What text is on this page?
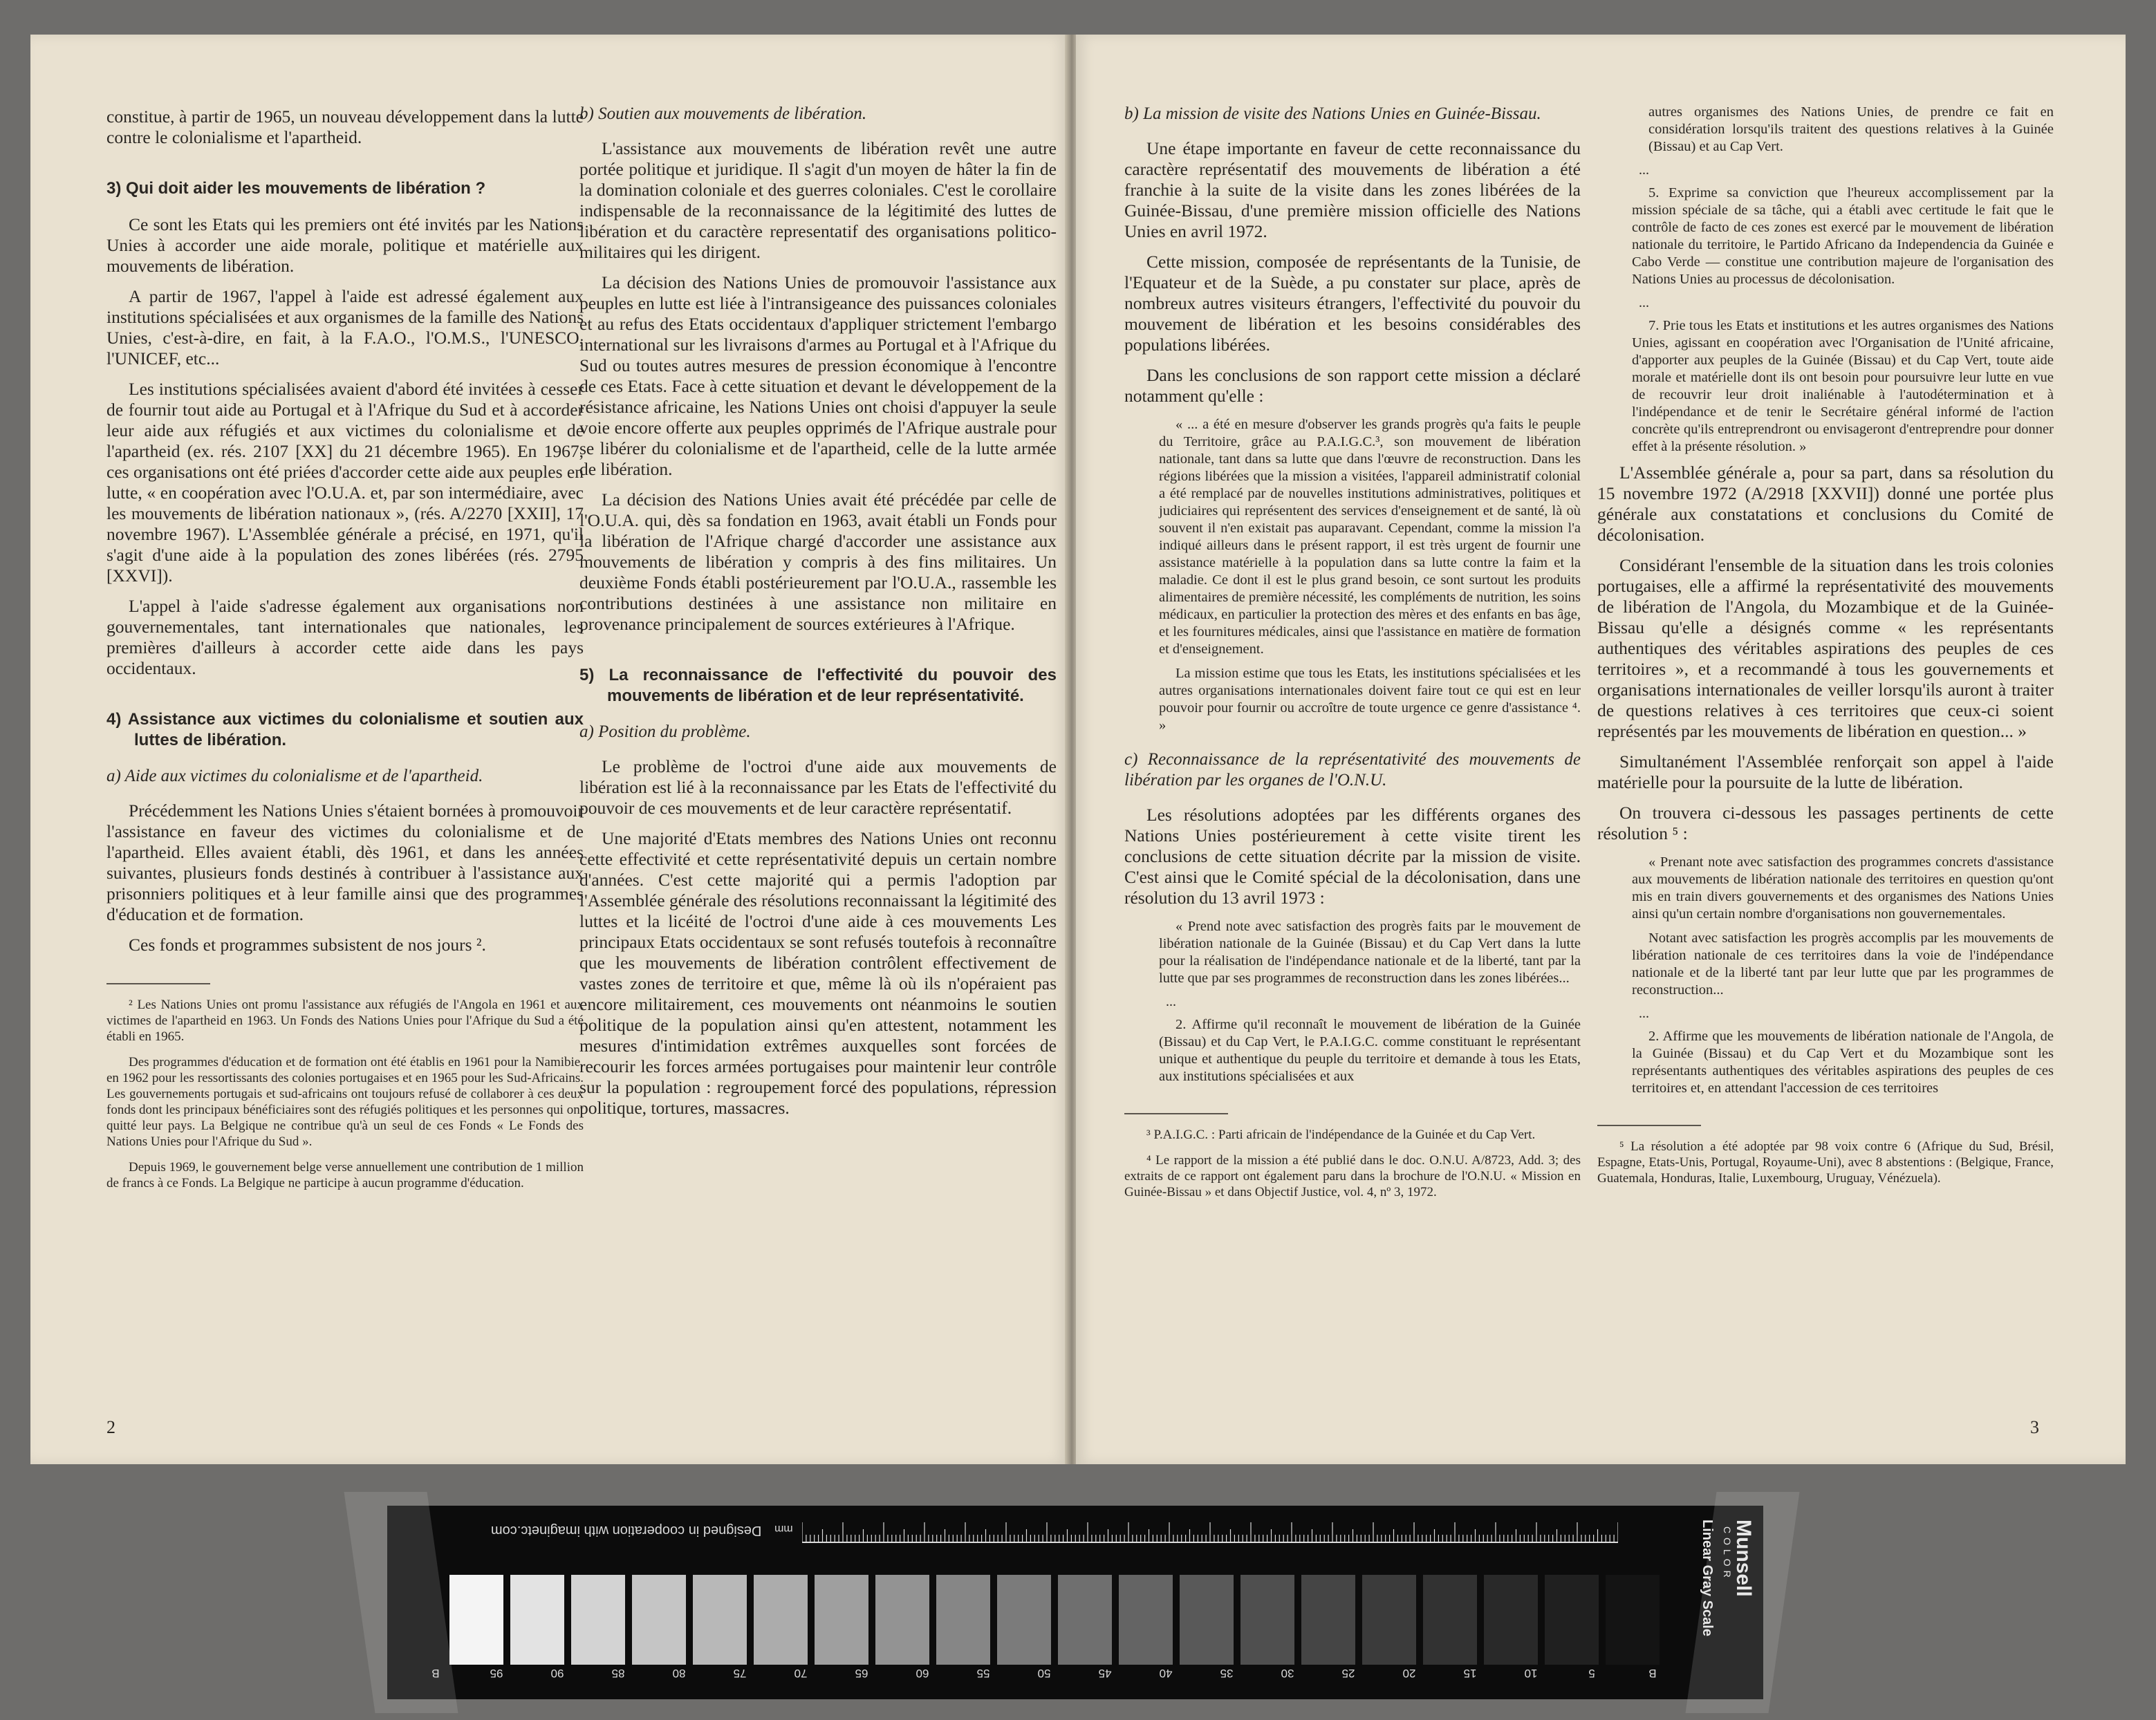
constitue, à partir de 1965, un nouveau développement dans la lutte contre le colonialisme et l'apartheid.

3) Qui doit aider les mouvements de libération ?

Ce sont les Etats qui les premiers ont été invités par les Nations Unies à accorder une aide morale, politique et matérielle aux mouvements de libération.

A partir de 1967, l'appel à l'aide est adressé également aux institutions spécialisées et aux organismes de la famille des Nations Unies, c'est-à-dire, en fait, à la F.A.O., l'O.M.S., l'UNESCO, l'UNICEF, etc...

Les institutions spécialisées avaient d'abord été invitées à cesser de fournir tout aide au Portugal et à l'Afrique du Sud et à accorder leur aide aux réfugiés et aux victimes du colonialisme et de l'apartheid (ex. rés. 2107 [XX] du 21 décembre 1965). En 1967, ces organisations ont été priées d'accorder cette aide aux peuples en lutte, « en coopération avec l'O.U.A. et, par son intermédiaire, avec les mouvements de libération nationaux », (rés. A/2270 [XXII], 17 novembre 1967). L'Assemblée générale a précisé, en 1971, qu'il s'agit d'une aide à la population des zones libérées (rés. 2795 [XXVI]).

L'appel à l'aide s'adresse également aux organisations non gouvernementales, tant internationales que nationales, les premières d'ailleurs à accorder cette aide dans les pays occidentaux.

4) Assistance aux victimes du colonialisme et soutien aux luttes de libération.
a) Aide aux victimes du colonialisme et de l'apartheid.

Précédemment les Nations Unies s'étaient bornées à promouvoir l'assistance en faveur des victimes du colonialisme et de l'apartheid. Elles avaient établi, dès 1961, et dans les années suivantes, plusieurs fonds destinés à contribuer à l'assistance aux prisonniers politiques et à leur famille ainsi que des programmes d'éducation et de formation.

Ces fonds et programmes subsistent de nos jours ².

² Les Nations Unies ont promu l'assistance aux réfugiés de l'Angola en 1961 et aux victimes de l'apartheid en 1963. Un Fonds des Nations Unies pour l'Afrique du Sud a été établi en 1965.

Des programmes d'éducation et de formation ont été établis en 1961 pour la Namibie, en 1962 pour les ressortissants des colonies portugaises et en 1965 pour les Sud-Africains. Les gouvernements portugais et sud-africains ont toujours refusé de collaborer à ces deux fonds dont les principaux bénéficiaires sont des réfugiés politiques et les personnes qui ont quitté leur pays. La Belgique ne contribue qu'à un seul de ces Fonds « Le Fonds des Nations Unies pour l'Afrique du Sud ».

Depuis 1969, le gouvernement belge verse annuellement une contribution de 1 million de francs à ce Fonds. La Belgique ne participe à aucun programme d'éducation.

b) Soutien aux mouvements de libération.

L'assistance aux mouvements de libération revêt une autre portée politique et juridique. Il s'agit d'un moyen de hâter la fin de la domination coloniale et des guerres coloniales. C'est le corollaire indispensable de la reconnaissance de la légitimité des luttes de libération et du caractère representatif des organisations politico-militaires qui les dirigent.

La décision des Nations Unies de promouvoir l'assistance aux peuples en lutte est liée à l'intransigeance des puissances coloniales et au refus des Etats occidentaux d'appliquer strictement l'embargo international sur les livraisons d'armes au Portugal et à l'Afrique du Sud ou toutes autres mesures de pression économique à l'encontre de ces Etats. Face à cette situation et devant le développement de la résistance africaine, les Nations Unies ont choisi d'appuyer la seule voie encore offerte aux peuples opprimés de l'Afrique australe pour se libérer du colonialisme et de l'apartheid, celle de la lutte armée de libération.

La décision des Nations Unies avait été précédée par celle de l'O.U.A. qui, dès sa fondation en 1963, avait établi un Fonds pour la libération de l'Afrique chargé d'accorder une assistance aux mouvements de libération y compris à des fins militaires. Un deuxième Fonds établi postérieurement par l'O.U.A., rassemble les contributions destinées à une assistance non militaire en provenance principalement de sources extérieures à l'Afrique.

5) La reconnaissance de l'effectivité du pouvoir des mouvements de libération et de leur représentativité.
a) Position du problème.

Le problème de l'octroi d'une aide aux mouvements de libération est lié à la reconnaissance par les Etats de l'effectivité du pouvoir de ces mouvements et de leur caractère représentatif.

Une majorité d'Etats membres des Nations Unies ont reconnu cette effectivité et cette représentativité depuis un certain nombre d'années. C'est cette majorité qui a permis l'adoption par l'Assemblée générale des résolutions reconnaissant la légitimité des luttes et la licéité de l'octroi d'une aide à ces mouvements Les principaux Etats occidentaux se sont refusés toutefois à reconnaître que les mouvements de libération contrôlent effectivement de vastes zones de territoire et que, même là où ils n'opéraient pas encore militairement, ces mouvements ont néanmoins le soutien politique de la population ainsi qu'en attestent, notamment les mesures d'intimidation extrêmes auxquelles sont forcées de recourir les forces armées portugaises pour maintenir leur contrôle sur la population : regroupement forcé des populations, répression politique, tortures, massacres.

2
b) La mission de visite des Nations Unies en Guinée-Bissau.

Une étape importante en faveur de cette reconnaissance du caractère représentatif des mouvements de libération a été franchie à la suite de la visite dans les zones libérées de la Guinée-Bissau, d'une première mission officielle des Nations Unies en avril 1972.

Cette mission, composée de représentants de la Tunisie, de l'Equateur et de la Suède, a pu constater sur place, après de nombreux autres visiteurs étrangers, l'effectivité du pouvoir du mouvement de libération et les besoins considérables des populations libérées.

Dans les conclusions de son rapport cette mission a déclaré notamment qu'elle :

« ... a été en mesure d'observer les grands progrès qu'a faits le peuple du Territoire, grâce au P.A.I.G.C.³, son mouvement de libération nationale, tant dans sa lutte que dans l'œuvre de reconstruction. Dans les régions libérées que la mission a visitées, l'appareil administratif colonial a été remplacé par de nouvelles institutions administratives, politiques et judiciaires qui représentent des services d'enseignement et de santé, là où souvent il n'en existait pas auparavant. Cependant, comme la mission l'a indiqué ailleurs dans le présent rapport, il est très urgent de fournir une assistance matérielle à la population dans sa lutte contre la faim et la maladie. Ce dont il est le plus grand besoin, ce sont surtout les produits alimentaires de première nécessité, les compléments de nutrition, les soins médicaux, en particulier la protection des mères et des enfants en bas âge, et les fournitures médicales, ainsi que l'assistance en matière de formation et d'enseignement.

La mission estime que tous les Etats, les institutions spécialisées et les autres organisations internationales doivent faire tout ce qui est en leur pouvoir pour fournir ou accroître de toute urgence ce genre d'assistance ⁴. »

c) Reconnaissance de la représentativité des mouvements de libération par les organes de l'O.N.U.

Les résolutions adoptées par les différents organes des Nations Unies postérieurement à cette visite tirent les conclusions de cette situation décrite par la mission de visite. C'est ainsi que le Comité spécial de la décolonisation, dans une résolution du 13 avril 1973 :

« Prend note avec satisfaction des progrès faits par le mouvement de libération nationale de la Guinée (Bissau) et du Cap Vert dans la lutte pour la réalisation de l'indépendance nationale et de la liberté, tant par la lutte que par ses programmes de reconstruction dans les zones libérées...

...

2. Affirme qu'il reconnaît le mouvement de libération de la Guinée (Bissau) et du Cap Vert, le P.A.I.G.C. comme constituant le représentant unique et authentique du peuple du territoire et demande à tous les Etats, aux institutions spécialisées et aux

³ P.A.I.G.C. : Parti africain de l'indépendance de la Guinée et du Cap Vert.

⁴ Le rapport de la mission a été publié dans le doc. O.N.U. A/8723, Add. 3; des extraits de ce rapport ont également paru dans la brochure de l'O.N.U. « Mission en Guinée-Bissau » et dans Objectif Justice, vol. 4, nº 3, 1972.

autres organismes des Nations Unies, de prendre ce fait en considération lorsqu'ils traitent des questions relatives à la Guinée (Bissau) et au Cap Vert.

...

5. Exprime sa conviction que l'heureux accomplissement par la mission spéciale de sa tâche, qui a établi avec certitude le fait que le contrôle de facto de ces zones est exercé par le mouvement de libération nationale du territoire, le Partido Africano da Independencia da Guinée e Cabo Verde — constitue une contribution majeure de l'organisation des Nations Unies au processus de décolonisation.

...

7. Prie tous les Etats et institutions et les autres organismes des Nations Unies, agissant en coopération avec l'Organisation de l'Unité africaine, d'apporter aux peuples de la Guinée (Bissau) et du Cap Vert, toute aide morale et matérielle dont ils ont besoin pour poursuivre leur lutte en vue de recouvrir leur droit inaliénable à l'autodétermination et à l'indépendance et de tenir le Secrétaire général informé de l'action concrète qu'ils entreprendront ou envisageront d'entreprendre pour donner effet à la présente résolution. »

L'Assemblée générale a, pour sa part, dans sa résolution du 15 novembre 1972 (A/2918 [XXVII]) donné une portée plus générale aux constatations et conclusions du Comité de décolonisation.

Considérant l'ensemble de la situation dans les trois colonies portugaises, elle a affirmé la représentativité des mouvements de libération de l'Angola, du Mozambique et de la Guinée-Bissau qu'elle a désignés comme « les représentants authentiques des véritables aspirations des peuples de ces territoires », et a recommandé à tous les gouvernements et organisations internationales de veiller lorsqu'ils auront à traiter de questions relatives à ces territoires que ceux-ci soient représentés par les mouvements de libération en question... »

Simultanément l'Assemblée renforçait son appel à l'aide matérielle pour la poursuite de la lutte de libération.

On trouvera ci-dessous les passages pertinents de cette résolution ⁵ :

« Prenant note avec satisfaction des programmes concrets d'assistance aux mouvements de libération nationale des territoires en question qu'ont mis en train divers gouvernements et des organismes des Nations Unies ainsi qu'un certain nombre d'organisations non gouvernementales.

Notant avec satisfaction les progrès accomplis par les mouvements de libération nationale de ces territoires dans la voie de l'indépendance nationale et de la liberté tant par leur lutte que par les programmes de reconstruction...

...

2. Affirme que les mouvements de libération nationale de l'Angola, de la Guinée (Bissau) et du Cap Vert et du Mozambique sont les représentants authentiques des véritables aspirations des peuples de ces territoires et, en attendant l'accession de ces territoires

⁵ La résolution a été adoptée par 98 voix contre 6 (Afrique du Sud, Brésil, Espagne, Etats-Unis, Portugal, Royaume-Uni), avec 8 abstentions : (Belgique, France, Guatemala, Honduras, Italie, Luxembourg, Uruguay, Vénézuela).

3
Designed in cooperation with imaginetc.com mm
B	95	90	85	80	75	70	65	60	55	50	45	40	35	30	25	20	15	10	5	B
Munsell
COLOR
Linear Gray Scale
